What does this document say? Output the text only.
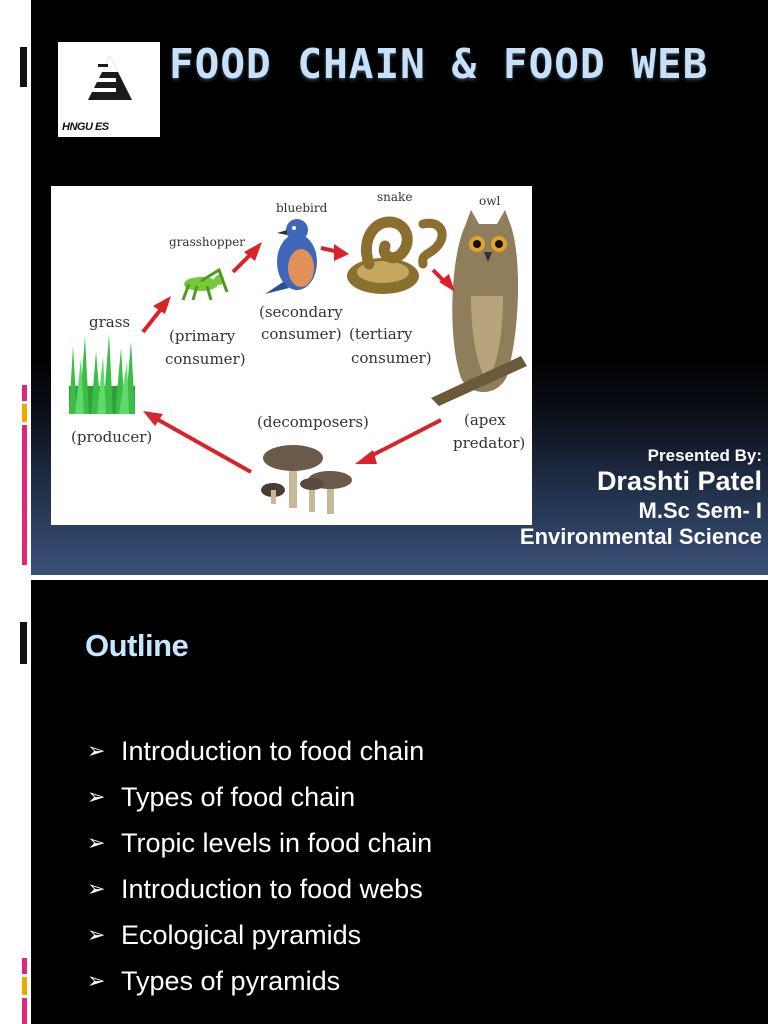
HNGU ES
FOOD CHAIN & FOOD WEB
grass
(producer)
grasshopper
(primary
consumer)
bluebird
(secondary
consumer)
snake
(tertiary
consumer)
owl
(apex
predator)
(decomposers)
Presented By:
Drashti Patel
M.Sc Sem- I
Environmental Science
Outline
➢ Introduction to food chain
➢ Types of food chain
➢ Tropic levels in food chain
➢ Introduction to food webs
➢ Ecological pyramids
➢ Types of pyramids
